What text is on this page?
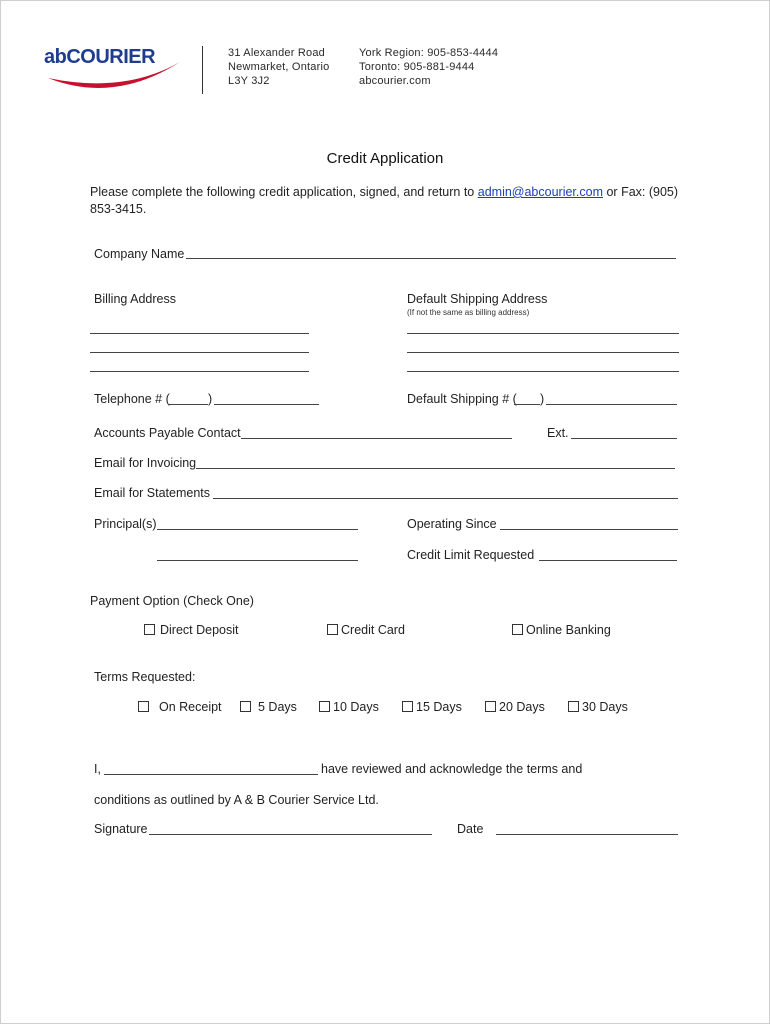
abCOURIER	31 Alexander Road
Newmarket, Ontario
L3Y 3J2
York Region: 905-853-4444
Toronto: 905-881-9444
abcourier.com
Credit Application
Please complete the following credit application, signed, and return to admin@abcourier.com or Fax: (905)
853-3415.
Company Name
Billing Address	Default Shipping Address
(If not the same as billing address)
Telephone # (	)	Default Shipping # ( )
Accounts Payable Contact	Ext.
Email for Invoicing
Email for Statements
Principal(s)	Operating Since
Credit Limit Requested
Payment Option (Check One)
Direct Deposit	Credit Card	Online Banking
Terms Requested:
On Receipt	5 Days	10 Days	15 Days	20 Days	30 Days
I,	have reviewed and acknowledge the terms and
conditions as outlined by A & B Courier Service Ltd.
Signature	Date
